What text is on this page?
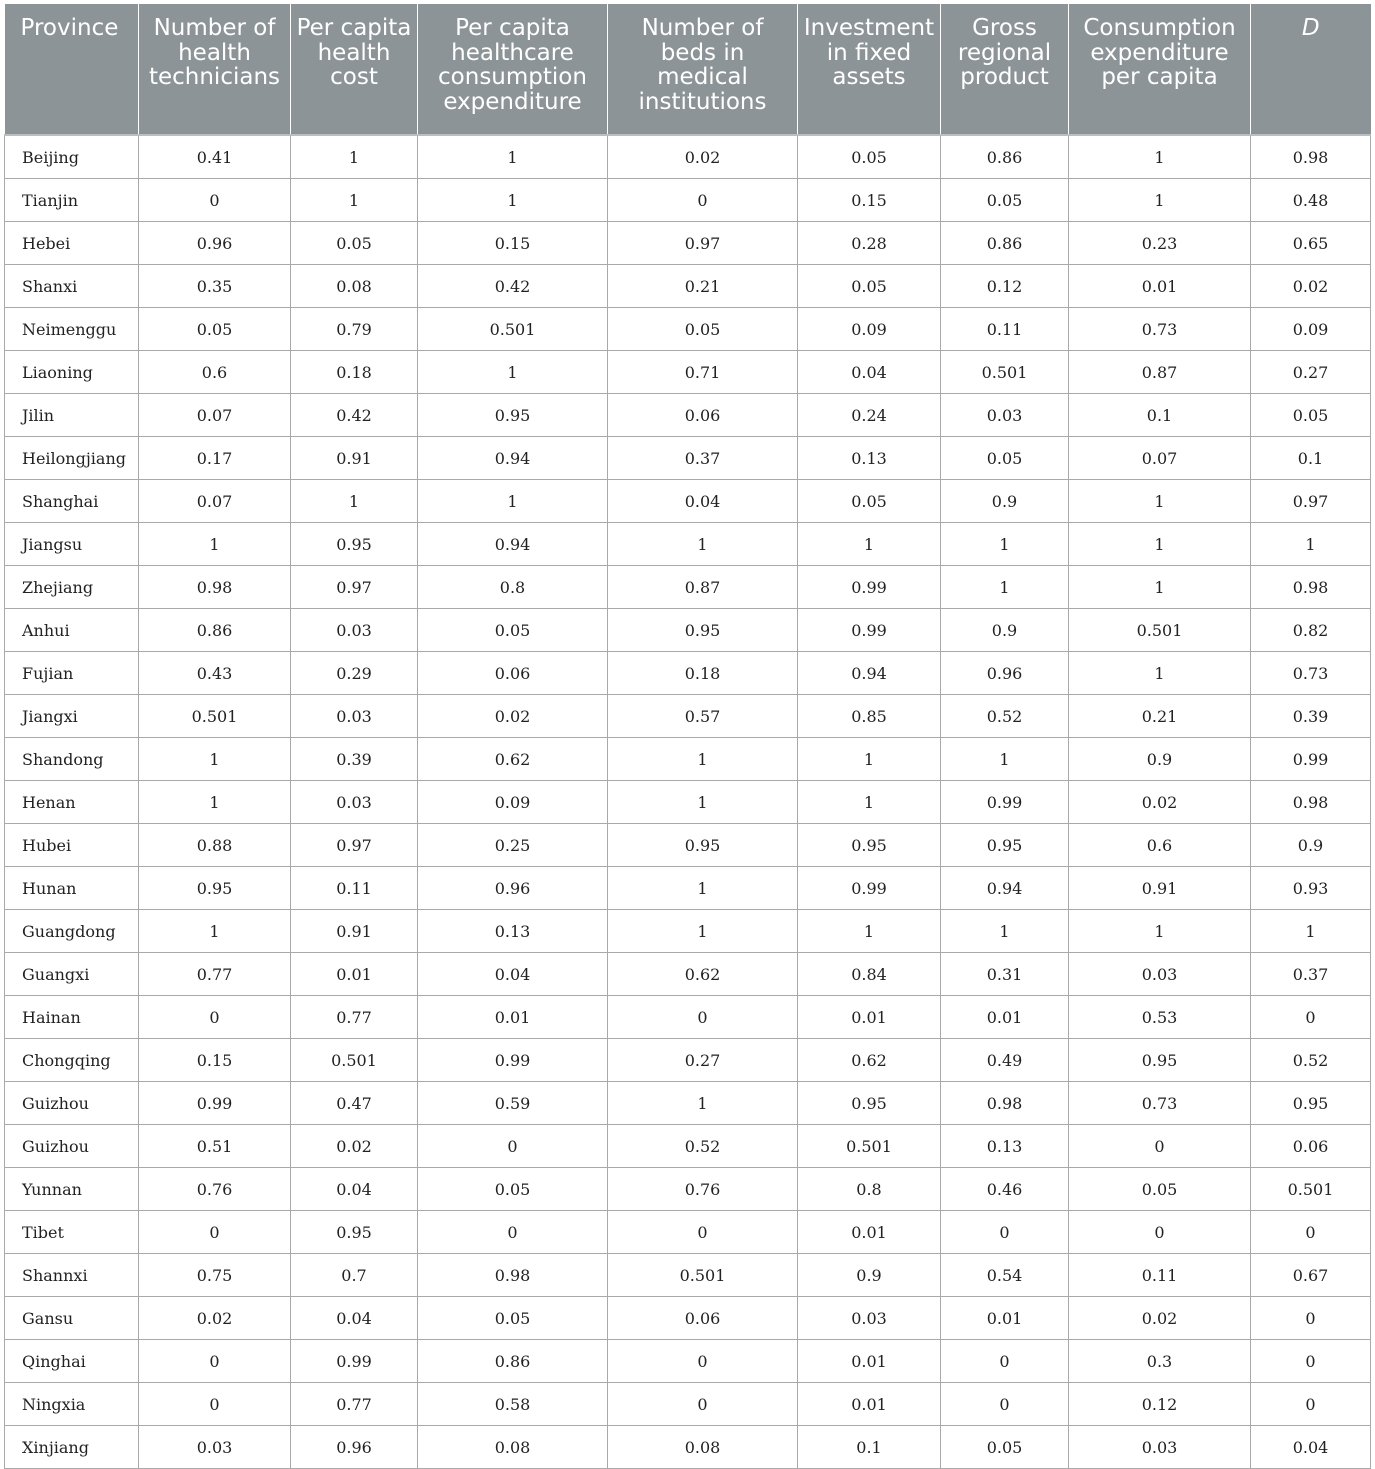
Province	Number of health technicians	Per capita health cost	Per capita healthcare consumption expenditure	Number of beds in medical institutions	Investment in fixed assets	Gross regional product	Consumption expenditure per capita	D
Beijing	0.41	1	1	0.02	0.05	0.86	1	0.98
Tianjin	0	1	1	0	0.15	0.05	1	0.48
Hebei	0.96	0.05	0.15	0.97	0.28	0.86	0.23	0.65
Shanxi	0.35	0.08	0.42	0.21	0.05	0.12	0.01	0.02
Neimenggu	0.05	0.79	0.501	0.05	0.09	0.11	0.73	0.09
Liaoning	0.6	0.18	1	0.71	0.04	0.501	0.87	0.27
Jilin	0.07	0.42	0.95	0.06	0.24	0.03	0.1	0.05
Heilongjiang	0.17	0.91	0.94	0.37	0.13	0.05	0.07	0.1
Shanghai	0.07	1	1	0.04	0.05	0.9	1	0.97
Jiangsu	1	0.95	0.94	1	1	1	1	1
Zhejiang	0.98	0.97	0.8	0.87	0.99	1	1	0.98
Anhui	0.86	0.03	0.05	0.95	0.99	0.9	0.501	0.82
Fujian	0.43	0.29	0.06	0.18	0.94	0.96	1	0.73
Jiangxi	0.501	0.03	0.02	0.57	0.85	0.52	0.21	0.39
Shandong	1	0.39	0.62	1	1	1	0.9	0.99
Henan	1	0.03	0.09	1	1	0.99	0.02	0.98
Hubei	0.88	0.97	0.25	0.95	0.95	0.95	0.6	0.9
Hunan	0.95	0.11	0.96	1	0.99	0.94	0.91	0.93
Guangdong	1	0.91	0.13	1	1	1	1	1
Guangxi	0.77	0.01	0.04	0.62	0.84	0.31	0.03	0.37
Hainan	0	0.77	0.01	0	0.01	0.01	0.53	0
Chongqing	0.15	0.501	0.99	0.27	0.62	0.49	0.95	0.52
Guizhou	0.99	0.47	0.59	1	0.95	0.98	0.73	0.95
Guizhou	0.51	0.02	0	0.52	0.501	0.13	0	0.06
Yunnan	0.76	0.04	0.05	0.76	0.8	0.46	0.05	0.501
Tibet	0	0.95	0	0	0.01	0	0	0
Shannxi	0.75	0.7	0.98	0.501	0.9	0.54	0.11	0.67
Gansu	0.02	0.04	0.05	0.06	0.03	0.01	0.02	0
Qinghai	0	0.99	0.86	0	0.01	0	0.3	0
Ningxia	0	0.77	0.58	0	0.01	0	0.12	0
Xinjiang	0.03	0.96	0.08	0.08	0.1	0.05	0.03	0.04
